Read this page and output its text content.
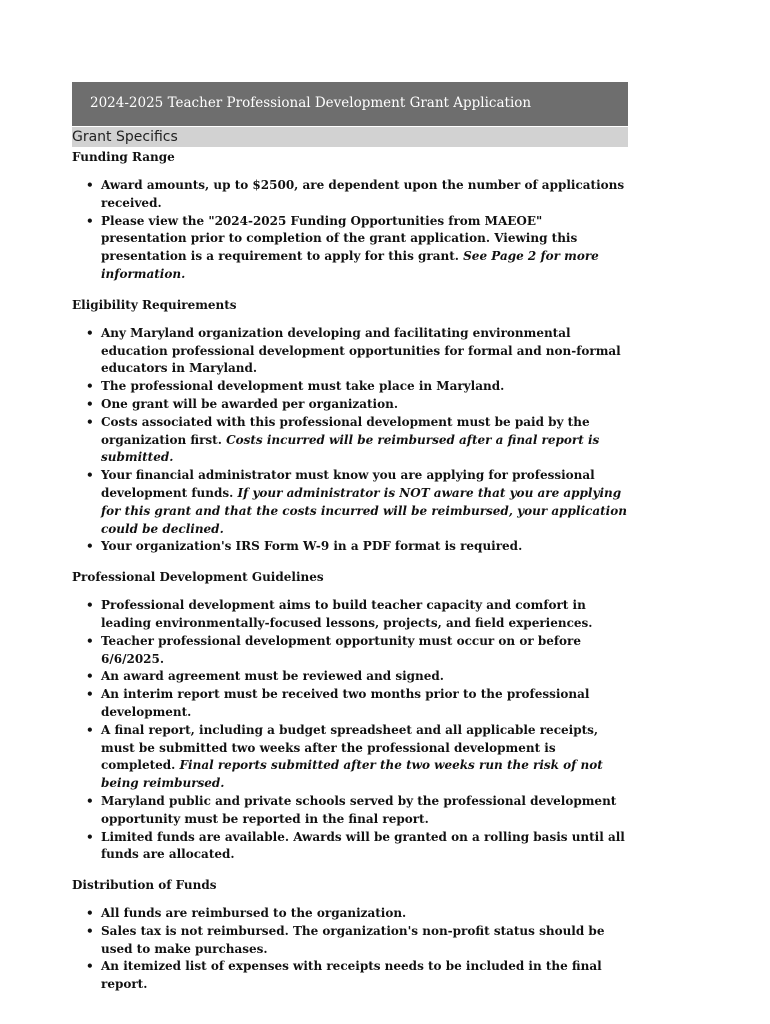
2024-2025 Teacher Professional Development Grant Application
Grant Specifics
Funding Range
• Award amounts, up to $2500, are dependent upon the number of applications received.
• Please view the "2024-2025 Funding Opportunities from MAEOE" presentation prior to completion of the grant application. Viewing this presentation is a requirement to apply for this grant. See Page 2 for more information.
Eligibility Requirements
• Any Maryland organization developing and facilitating environmental education professional development opportunities for formal and non-formal educators in Maryland.
• The professional development must take place in Maryland.
• One grant will be awarded per organization.
• Costs associated with this professional development must be paid by the organization first. Costs incurred will be reimbursed after a final report is submitted.
• Your financial administrator must know you are applying for professional development funds. If your administrator is NOT aware that you are applying for this grant and that the costs incurred will be reimbursed, your application could be declined.
• Your organization's IRS Form W-9 in a PDF format is required.
Professional Development Guidelines
• Professional development aims to build teacher capacity and comfort in leading environmentally-focused lessons, projects, and field experiences.
• Teacher professional development opportunity must occur on or before 6/6/2025.
• An award agreement must be reviewed and signed.
• An interim report must be received two months prior to the professional development.
• A final report, including a budget spreadsheet and all applicable receipts, must be submitted two weeks after the professional development is completed. Final reports submitted after the two weeks run the risk of not being reimbursed.
• Maryland public and private schools served by the professional development opportunity must be reported in the final report.
• Limited funds are available. Awards will be granted on a rolling basis until all funds are allocated.
Distribution of Funds
• All funds are reimbursed to the organization.
• Sales tax is not reimbursed. The organization's non-profit status should be used to make purchases.
• An itemized list of expenses with receipts needs to be included in the final report.
